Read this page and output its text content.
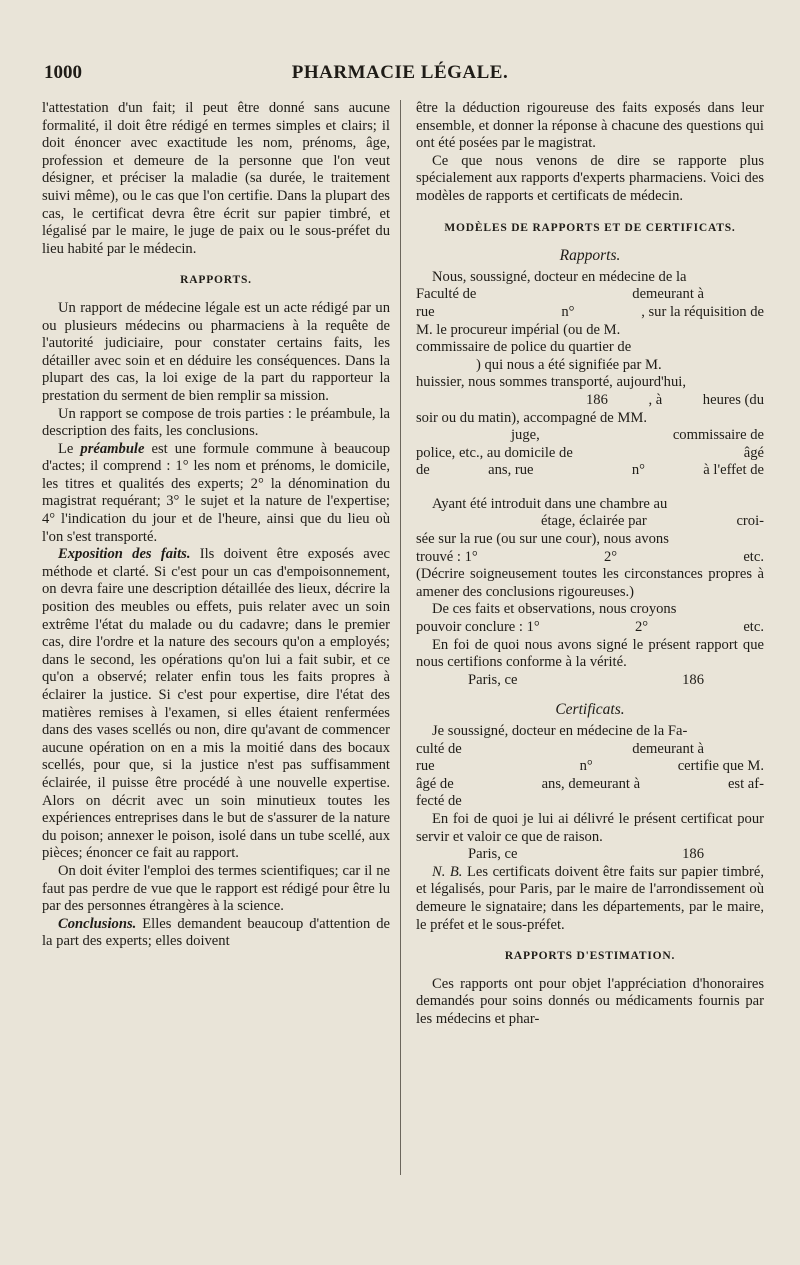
1000	PHARMACIE LÉGALE.

l'attestation d'un fait; il peut être donné sans aucune formalité, il doit être rédigé en termes simples et clairs; il doit énoncer avec exactitude les nom, prénoms, âge, profession et demeure de la personne que l'on veut désigner, et préciser la maladie (sa durée, le traitement suivi même), ou le cas que l'on certifie. Dans la plupart des cas, le certificat devra être écrit sur papier timbré, et légalisé par le maire, le juge de paix ou le sous-préfet du lieu habité par le médecin.

RAPPORTS.

Un rapport de médecine légale est un acte rédigé par un ou plusieurs médecins ou pharmaciens à la requête de l'autorité judiciaire, pour constater certains faits, les détailler avec soin et en déduire les conséquences. Dans la plupart des cas, la loi exige de la part du rapporteur la prestation du serment de bien remplir sa mission.

Un rapport se compose de trois parties : le préambule, la description des faits, les conclusions.

Le préambule est une formule commune à beaucoup d'actes; il comprend : 1° les nom et prénoms, le domicile, les titres et qualités des experts; 2° la dénomination du magistrat requérant; 3° le sujet et la nature de l'expertise; 4° l'indication du jour et de l'heure, ainsi que du lieu où l'on s'est transporté.

Exposition des faits. Ils doivent être exposés avec méthode et clarté. Si c'est pour un cas d'empoisonnement, on devra faire une description détaillée des lieux, décrire la position des meubles ou effets, puis relater avec un soin extrême l'état du malade ou du cadavre; dans le premier cas, dire l'ordre et la nature des secours qu'on a employés; dans le second, les opérations qu'on lui a fait subir, et ce qu'on a observé; relater enfin tous les faits propres à éclairer la justice. Si c'est pour expertise, dire l'état des matières remises à l'examen, si elles étaient renfermées dans des vases scellés ou non, dire qu'avant de commencer aucune opération on en a mis la moitié dans des bocaux scellés, pour que, si la justice n'est pas suffisamment éclairée, il puisse être procédé à une nouvelle expertise. Alors on décrit avec un soin minutieux toutes les expériences entreprises dans le but de s'assurer de la nature du poison; annexer le poison, isolé dans un tube scellé, aux pièces; énoncer ce fait au rapport.

On doit éviter l'emploi des termes scientifiques; car il ne faut pas perdre de vue que le rapport est rédigé pour être lu par des personnes étrangères à la science.

Conclusions. Elles demandent beaucoup d'attention de la part des experts; elles doivent

être la déduction rigoureuse des faits exposés dans leur ensemble, et donner la réponse à chacune des questions qui ont été posées par le magistrat.

Ce que nous venons de dire se rapporte plus spécialement aux rapports d'experts pharmaciens. Voici des modèles de rapports et certificats de médecin.

MODÈLES DE RAPPORTS ET DE CERTIFICATS.
Rapports.

Nous, soussigné, docteur en médecine de la

Faculté de	demeurant à
rue	n°	, sur la réquisition de

M. le procureur impérial (ou de M.

commissaire de police du quartier de

) qui nous a été signifiée par M.

huissier, nous sommes transporté, aujourd'hui,

186	, à	heures (du

soir ou du matin), accompagné de MM.

juge,	commissaire de
police, etc., au domicile de	âgé
de	ans, rue	n°	à l'effet de

Ayant été introduit dans une chambre au

étage, éclairée par	croi-

sée sur la rue (ou sur une cour), nous avons

trouvé : 1°	2°	etc.

(Décrire soigneusement toutes les circonstances propres à amener des conclusions rigoureuses.)

De ces faits et observations, nous croyons

pouvoir conclure : 1°	2°	etc.

En foi de quoi nous avons signé le présent rapport que nous certifions conforme à la vérité.

Paris, ce	186
Certificats.

Je soussigné, docteur en médecine de la Fa-

culté de	demeurant à
rue	n°	certifie que M.
âgé de	ans, demeurant à	est af-

fecté de

En foi de quoi je lui ai délivré le présent certificat pour servir et valoir ce que de raison.

Paris, ce	186

N. B. Les certificats doivent être faits sur papier timbré, et légalisés, pour Paris, par le maire de l'arrondissement où demeure le signataire; dans les départements, par le maire, le préfet et le sous-préfet.

RAPPORTS D'ESTIMATION.

Ces rapports ont pour objet l'appréciation d'honoraires demandés pour soins donnés ou médicaments fournis par les médecins et phar-
